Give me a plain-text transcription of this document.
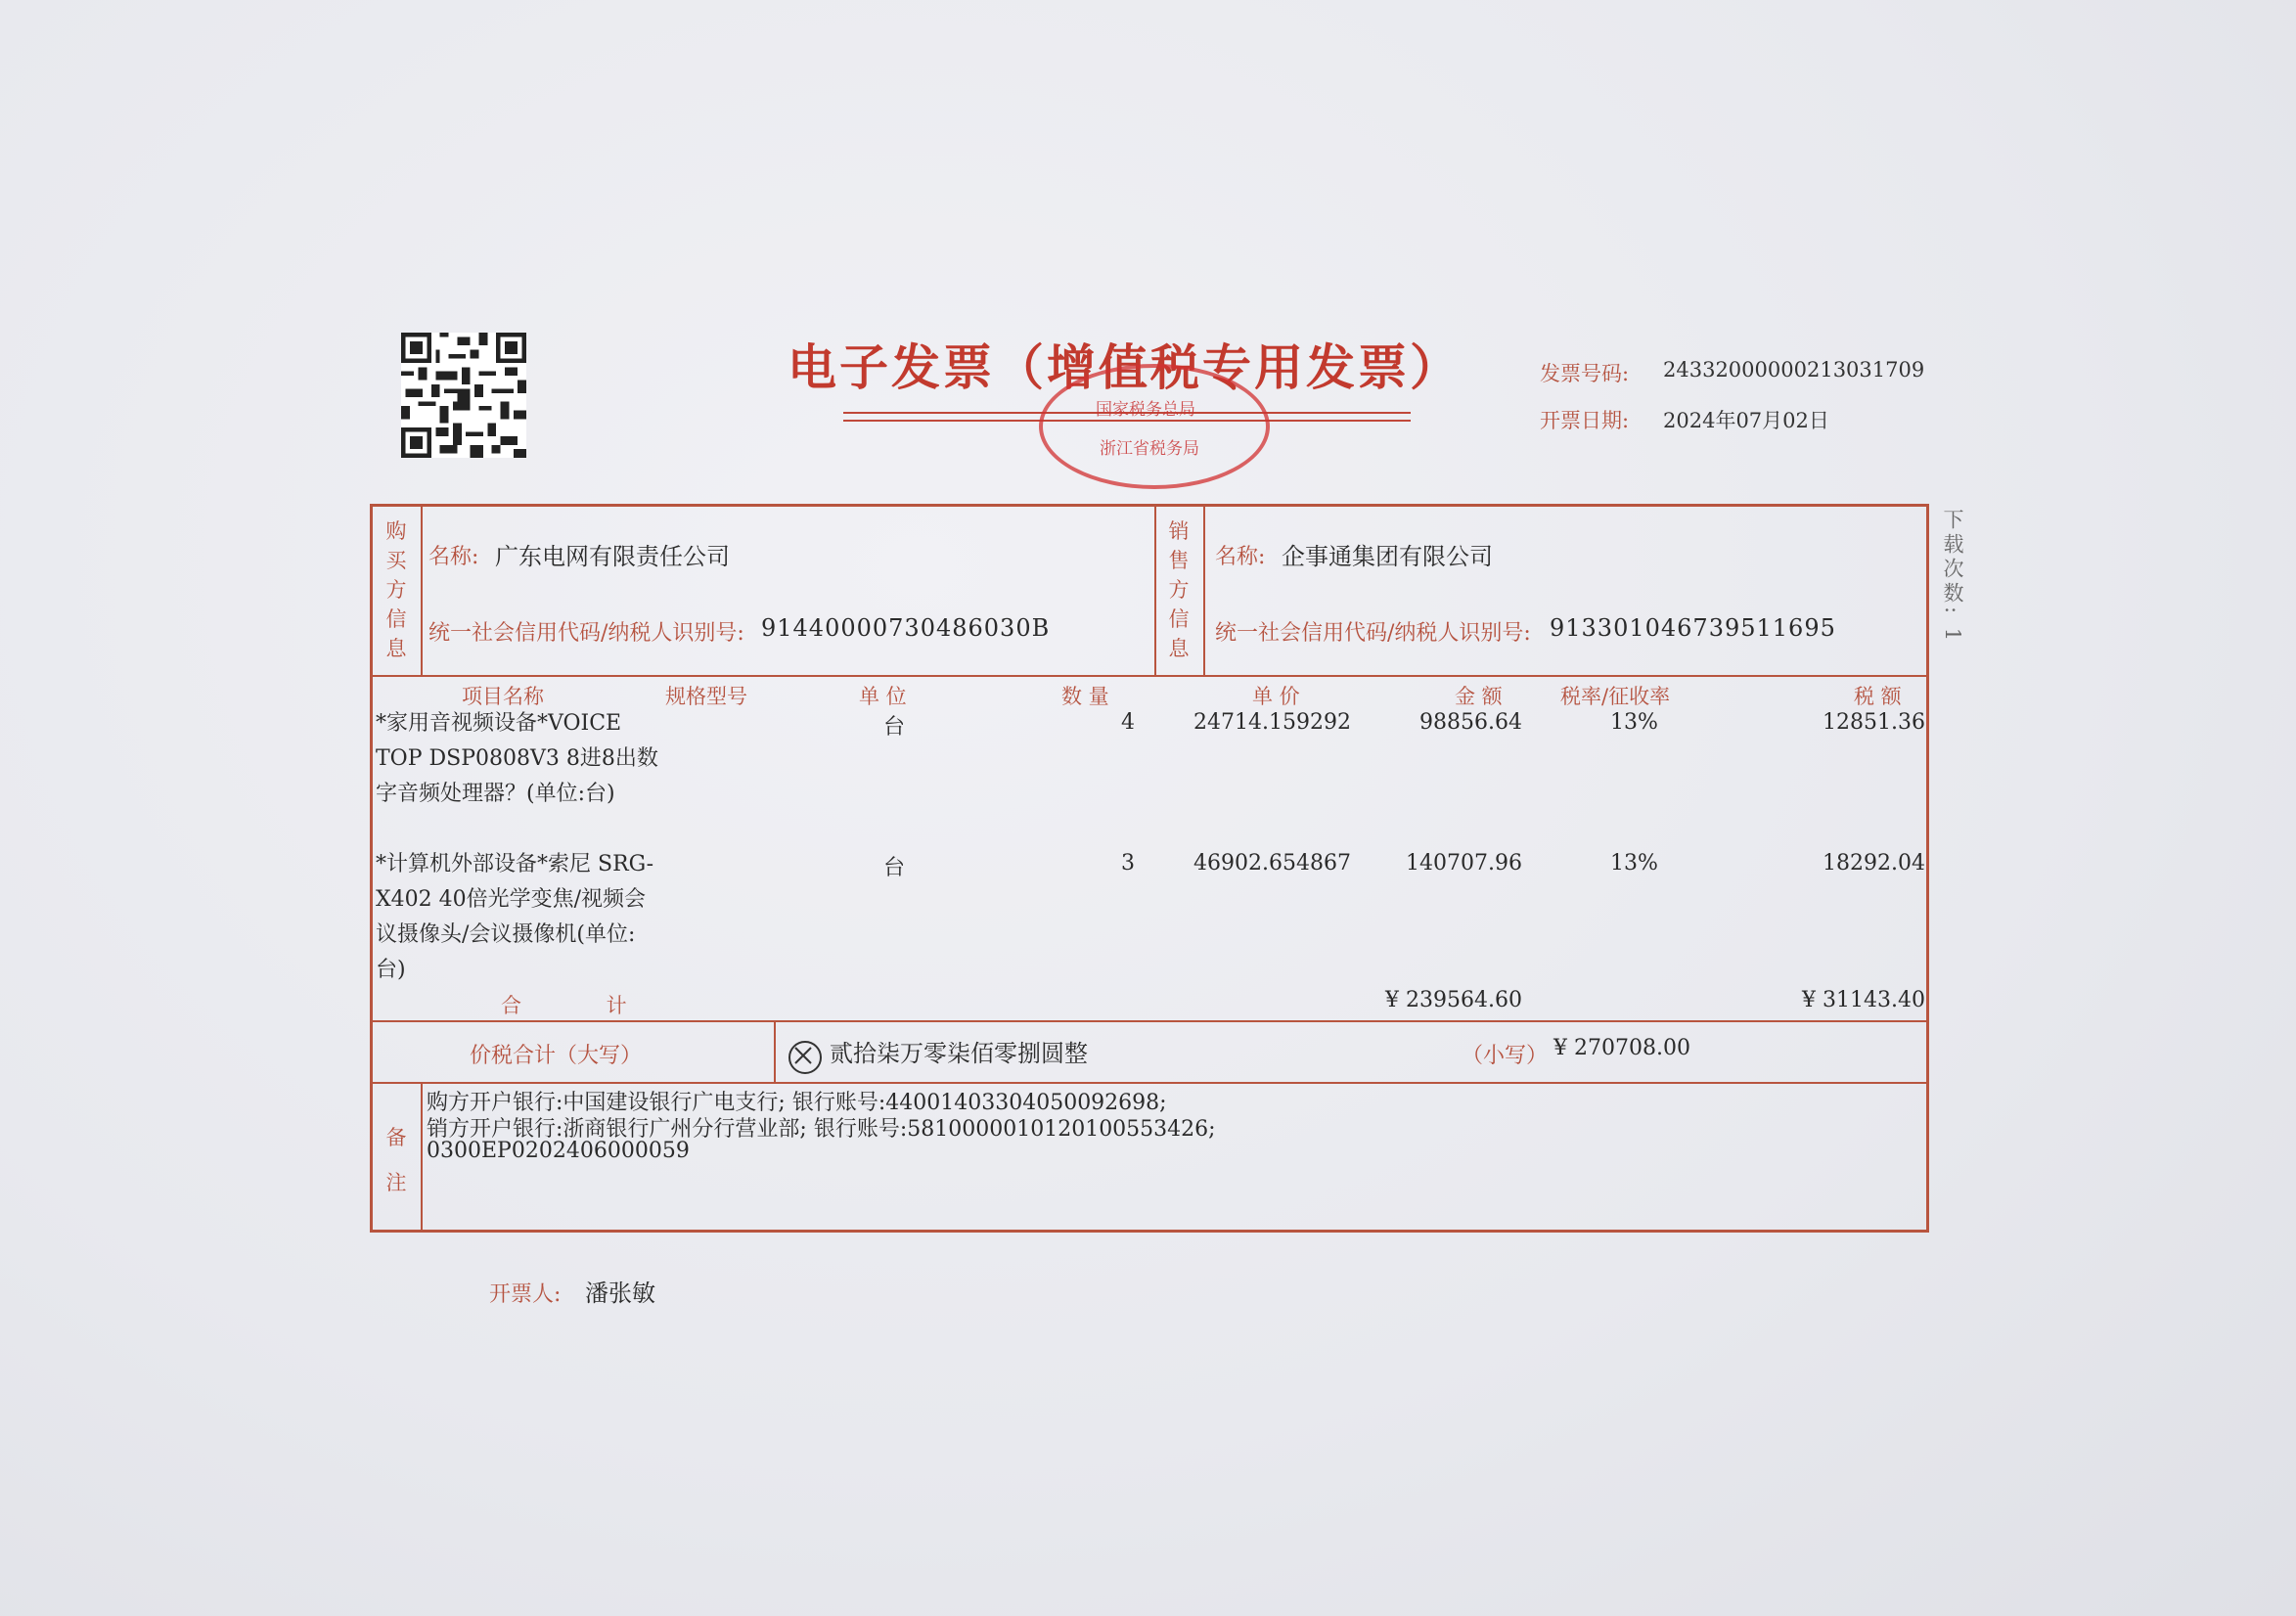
电子发票（增值税专用发票）
国家税务总局
浙江省税务局
发票号码: 24332000000213031709
开票日期: 2024年07月02日
下载次数: 1
购买方信息
名称: 广东电网有限责任公司
统一社会信用代码/纳税人识别号: 91440000730486030B
销售方信息
名称: 企事通集团有限公司
统一社会信用代码/纳税人识别号: 913301046739511695
项目名称	规格型号	单 位	数 量	单 价	金 额	税率/征收率	税 额
*家用音视频设备*VOICE TOP DSP0808V3 8进8出数字音频处理器？(单位:台)
台	4	24714.159292	98856.64	13%	12851.36
*计算机外部设备*索尼 SRG-X402 40倍光学变焦/视频会议摄像头/会议摄像机(单位:台)
台	3	46902.654867	140707.96	13%	18292.04
合 计	¥ 239564.60	¥ 31143.40
价税合计（大写）	贰拾柒万零柒佰零捌圆整	（小写） ¥ 270708.00
备注
购方开户银行:中国建设银行广电支行; 银行账号:44001403304050092698;
销方开户银行:浙商银行广州分行营业部; 银行账号:5810000010120100553426;
0300EP0202406000059
开票人: 潘张敏
